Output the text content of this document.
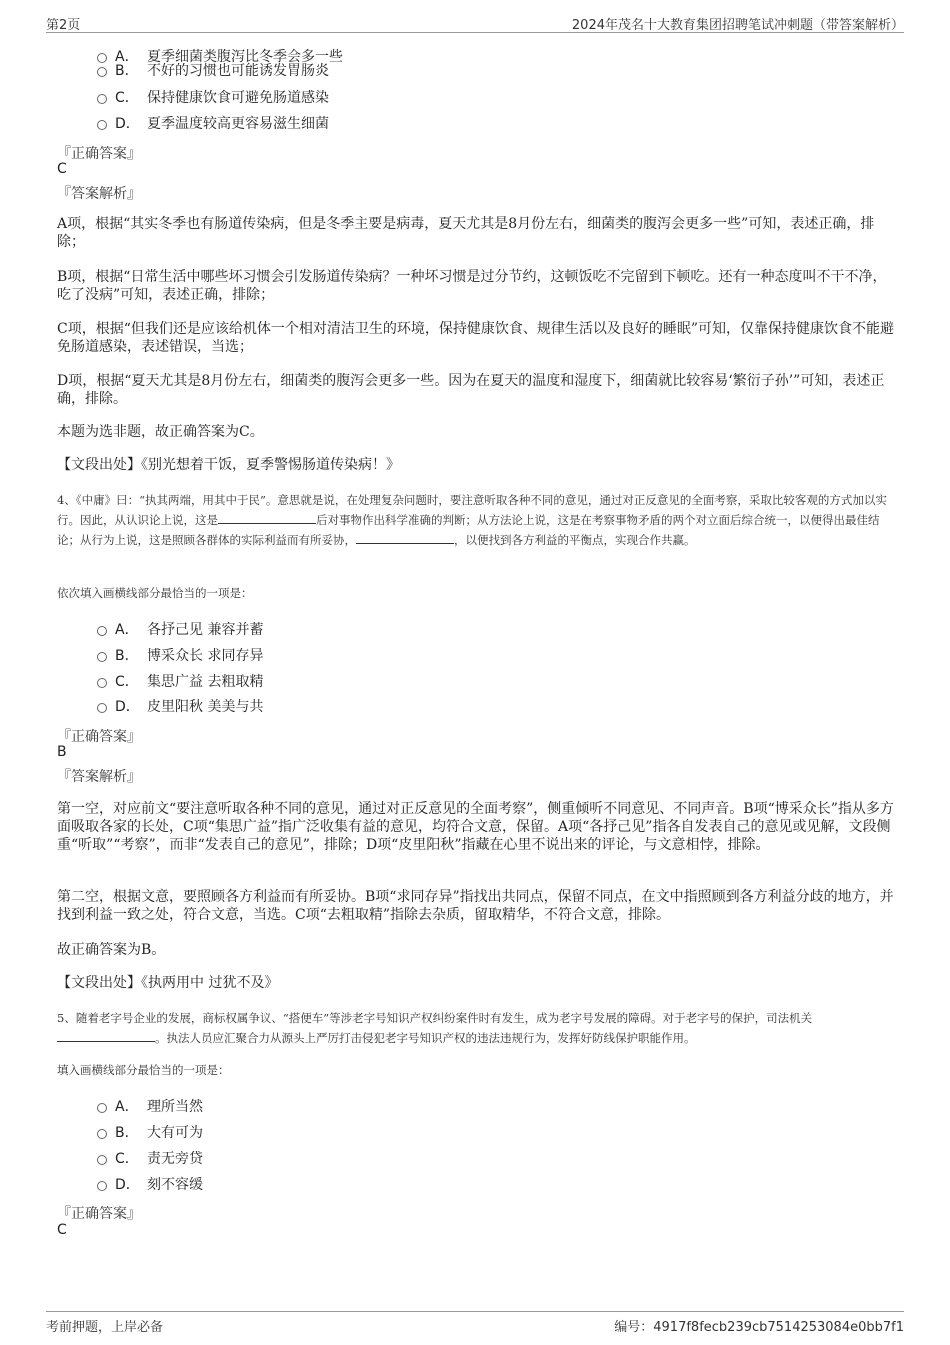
第2页	2024年茂名十大教育集团招聘笔试冲刺题（带答案解析）
A． 夏季细菌类腹泻比冬季会多一些
B． 不好的习惯也可能诱发胃肠炎
C． 保持健康饮食可避免肠道感染
D． 夏季温度较高更容易滋生细菌
『正确答案』
C
『答案解析』
A项，根据“其实冬季也有肠道传染病，但是冬季主要是病毒，夏天尤其是8月份左右，细菌类的腹泻会更多一些”可知，表述正确，排除；
B项，根据“日常生活中哪些坏习惯会引发肠道传染病？一种坏习惯是过分节约，这顿饭吃不完留到下顿吃。还有一种态度叫不干不净，吃了没病”可知，表述正确，排除；
C项，根据“但我们还是应该给机体一个相对清洁卫生的环境，保持健康饮食、规律生活以及良好的睡眠”可知，仅靠保持健康饮食不能避免肠道感染，表述错误，当选；
D项，根据“夏天尤其是8月份左右，细菌类的腹泻会更多一些。因为在夏天的温度和湿度下，细菌就比较容易‘繁衍子孙’”可知，表述正确，排除。
本题为选非题，故正确答案为C。
【文段出处】《别光想着干饭，夏季警惕肠道传染病！》
4、《中庸》曰：“执其两端，用其中于民”。意思就是说，在处理复杂问题时，要注意听取各种不同的意见，通过对正反意见的全面考察，采取比较客观的方式加以实行。因此，从认识论上说，这是	后对事物作出科学准确的判断；从方法论上说，这是在考察事物矛盾的两个对立面后综合统一，以便得出最佳结论；从行为上说，这是照顾各群体的实际利益而有所妥协，	，以便找到各方利益的平衡点，实现合作共赢。
依次填入画横线部分最恰当的一项是：
A． 各抒己见 兼容并蓄
B． 博采众长 求同存异
C． 集思广益 去粗取精
D． 皮里阳秋 美美与共
『正确答案』
B
『答案解析』
第一空，对应前文“要注意听取各种不同的意见，通过对正反意见的全面考察”，侧重倾听不同意见、不同声音。B项“博采众长”指从多方面吸取各家的长处，C项“集思广益”指广泛收集有益的意见，均符合文意，保留。A项“各抒己见”指各自发表自己的意见或见解，文段侧重“听取”“考察”，而非“发表自己的意见”，排除；D项“皮里阳秋”指藏在心里不说出来的评论，与文意相悖，排除。
第二空，根据文意，要照顾各方利益而有所妥协。B项“求同存异”指找出共同点，保留不同点，在文中指照顾到各方利益分歧的地方，并找到利益一致之处，符合文意，当选。C项“去粗取精”指除去杂质，留取精华，不符合文意，排除。
故正确答案为B。
【文段出处】《执两用中 过犹不及》
5、随着老字号企业的发展，商标权属争议、“搭便车”等涉老字号知识产权纠纷案件时有发生，成为老字号发展的障碍。对于老字号的保护，司法机关。执法人员应汇聚合力从源头上严厉打击侵犯老字号知识产权的违法违规行为，发挥好防线保护职能作用。
填入画横线部分最恰当的一项是：
A． 理所当然
B． 大有可为
C． 责无旁贷
D． 刻不容缓
『正确答案』
C
考前押题，上岸必备	编号：4917f8fecb239cb7514253084e0bb7f1
